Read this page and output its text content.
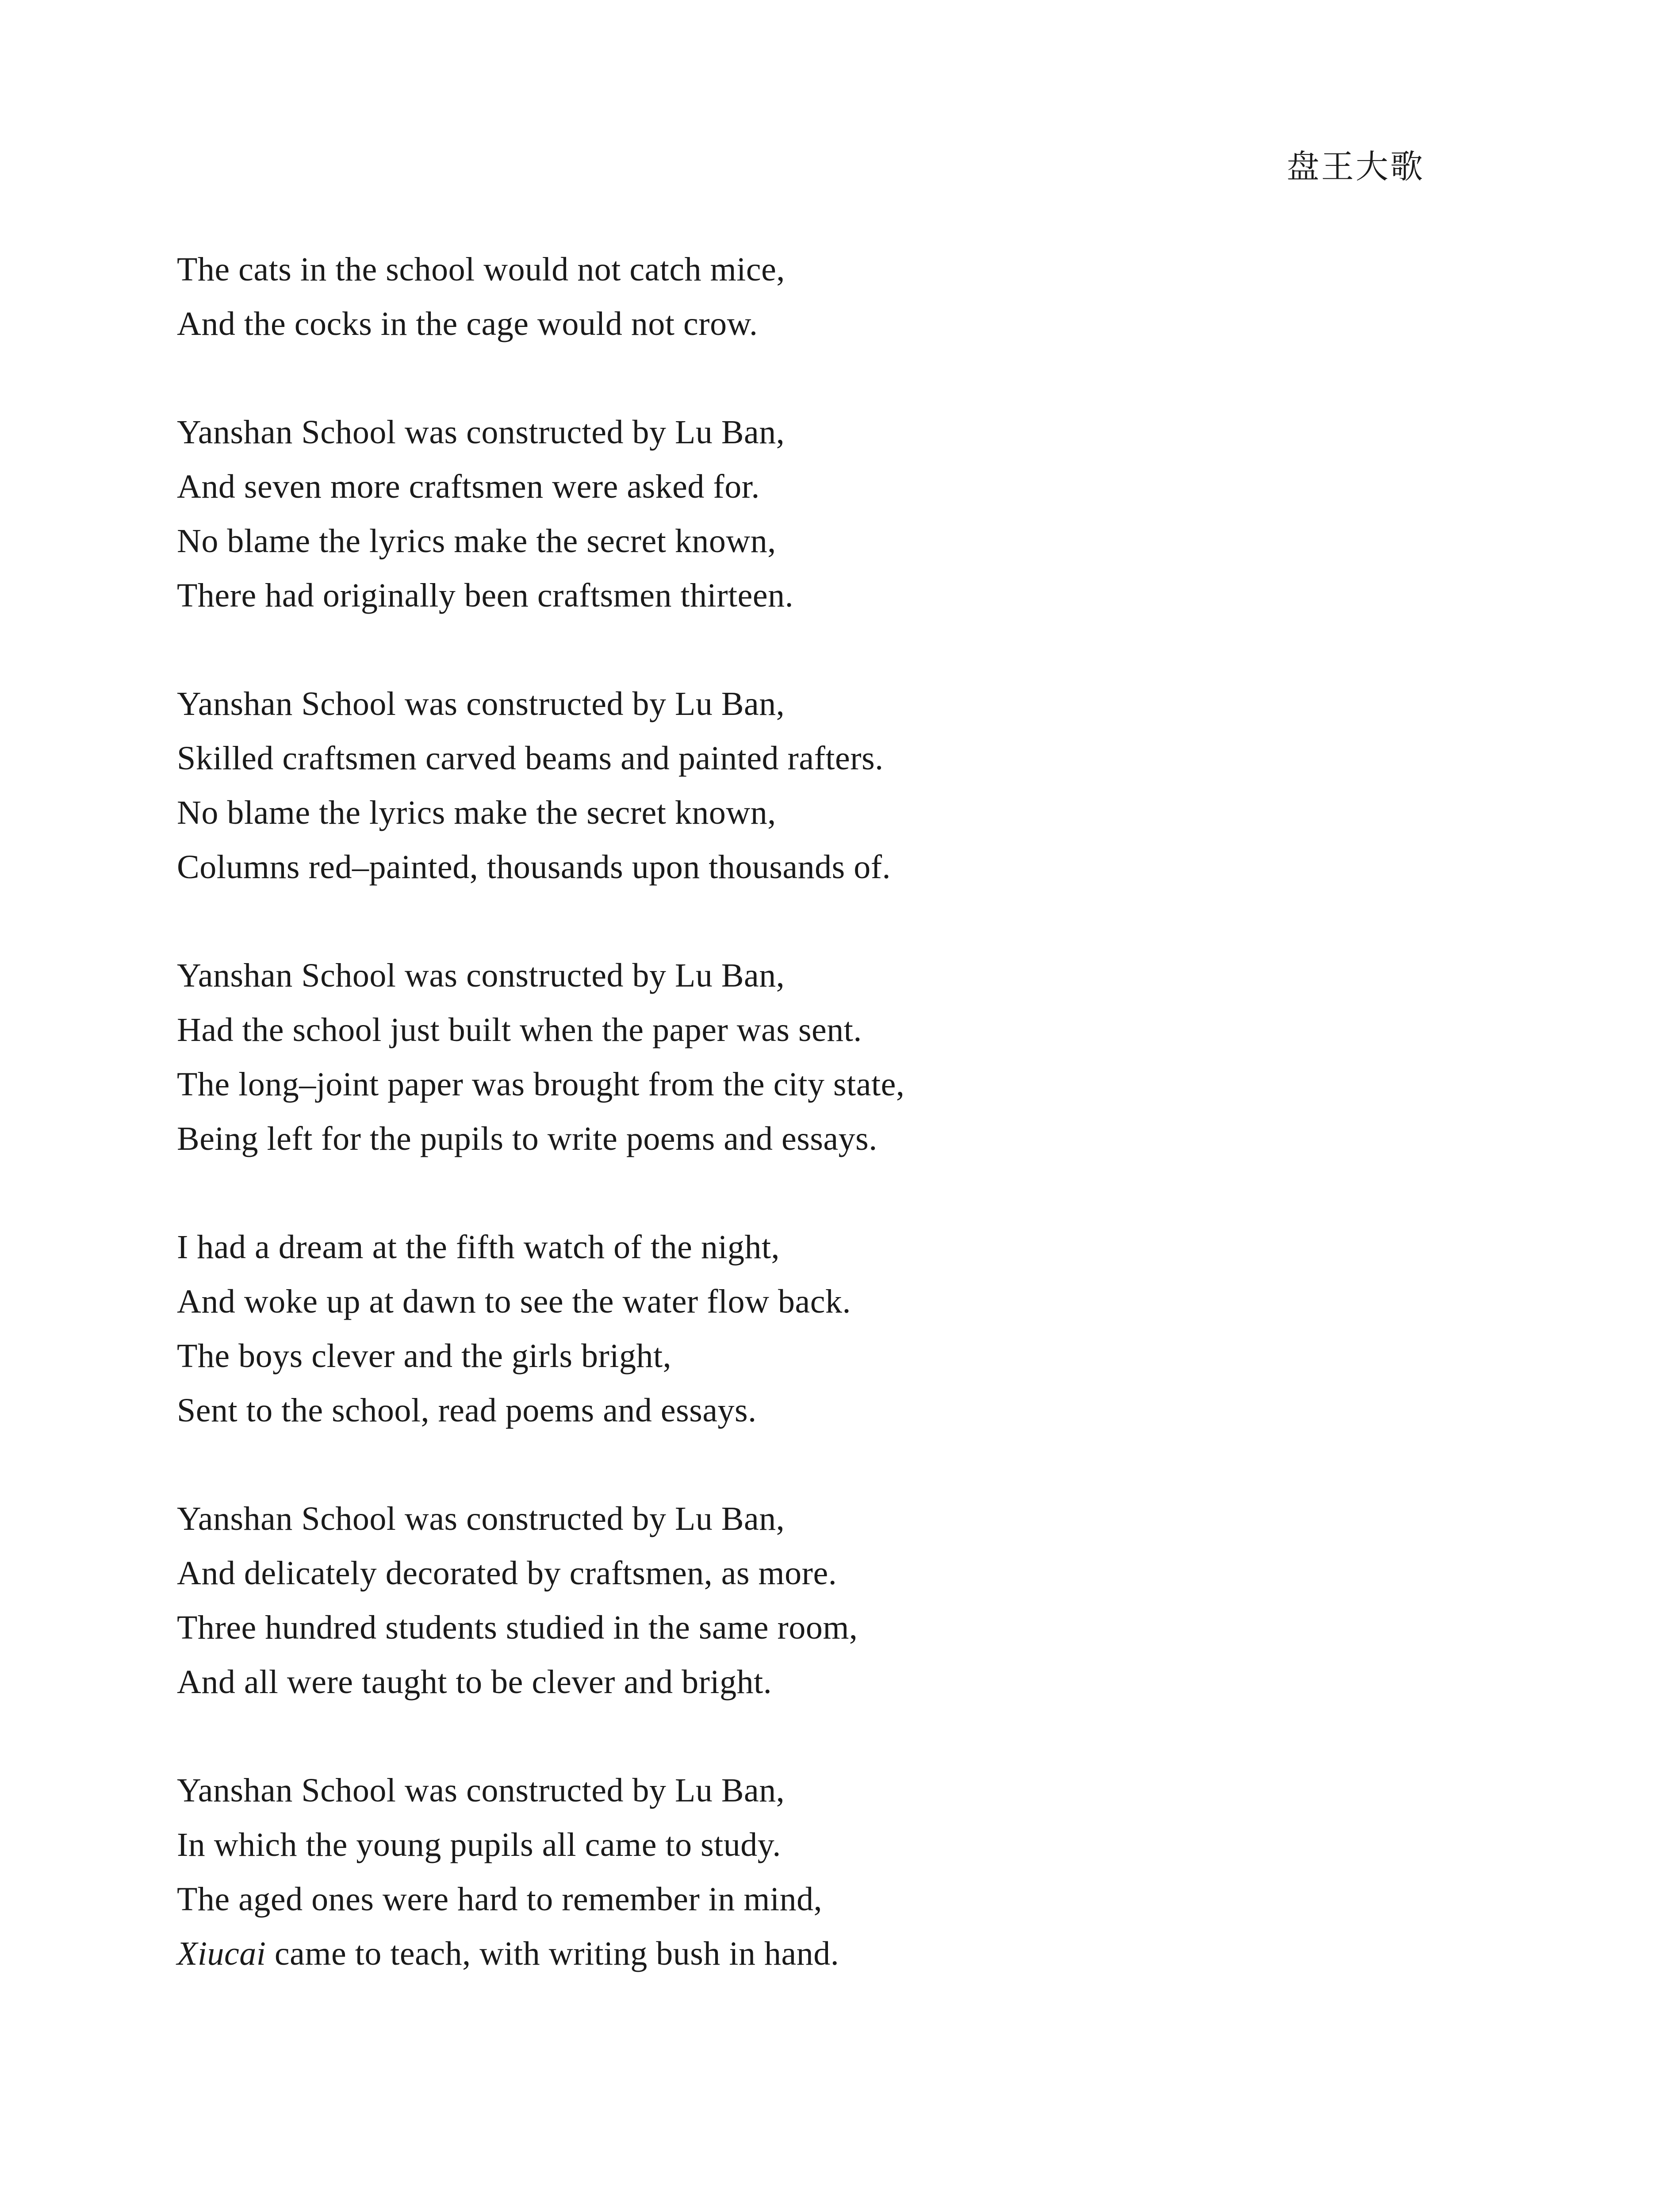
盘王大歌
The cats in the school would not catch mice,
And the cocks in the cage would not crow.
Yanshan School was constructed by Lu Ban,
And seven more craftsmen were asked for.
No blame the lyrics make the secret known,
There had originally been craftsmen thirteen.
Yanshan School was constructed by Lu Ban,
Skilled craftsmen carved beams and painted rafters.
No blame the lyrics make the secret known,
Columns red–painted, thousands upon thousands of.
Yanshan School was constructed by Lu Ban,
Had the school just built when the paper was sent.
The long–joint paper was brought from the city state,
Being left for the pupils to write poems and essays.
I had a dream at the fifth watch of the night,
And woke up at dawn to see the water flow back.
The boys clever and the girls bright,
Sent to the school, read poems and essays.
Yanshan School was constructed by Lu Ban,
And delicately decorated by craftsmen, as more.
Three hundred students studied in the same room,
And all were taught to be clever and bright.
Yanshan School was constructed by Lu Ban,
In which the young pupils all came to study.
The aged ones were hard to remember in mind,
Xiucai came to teach, with writing bush in hand.
